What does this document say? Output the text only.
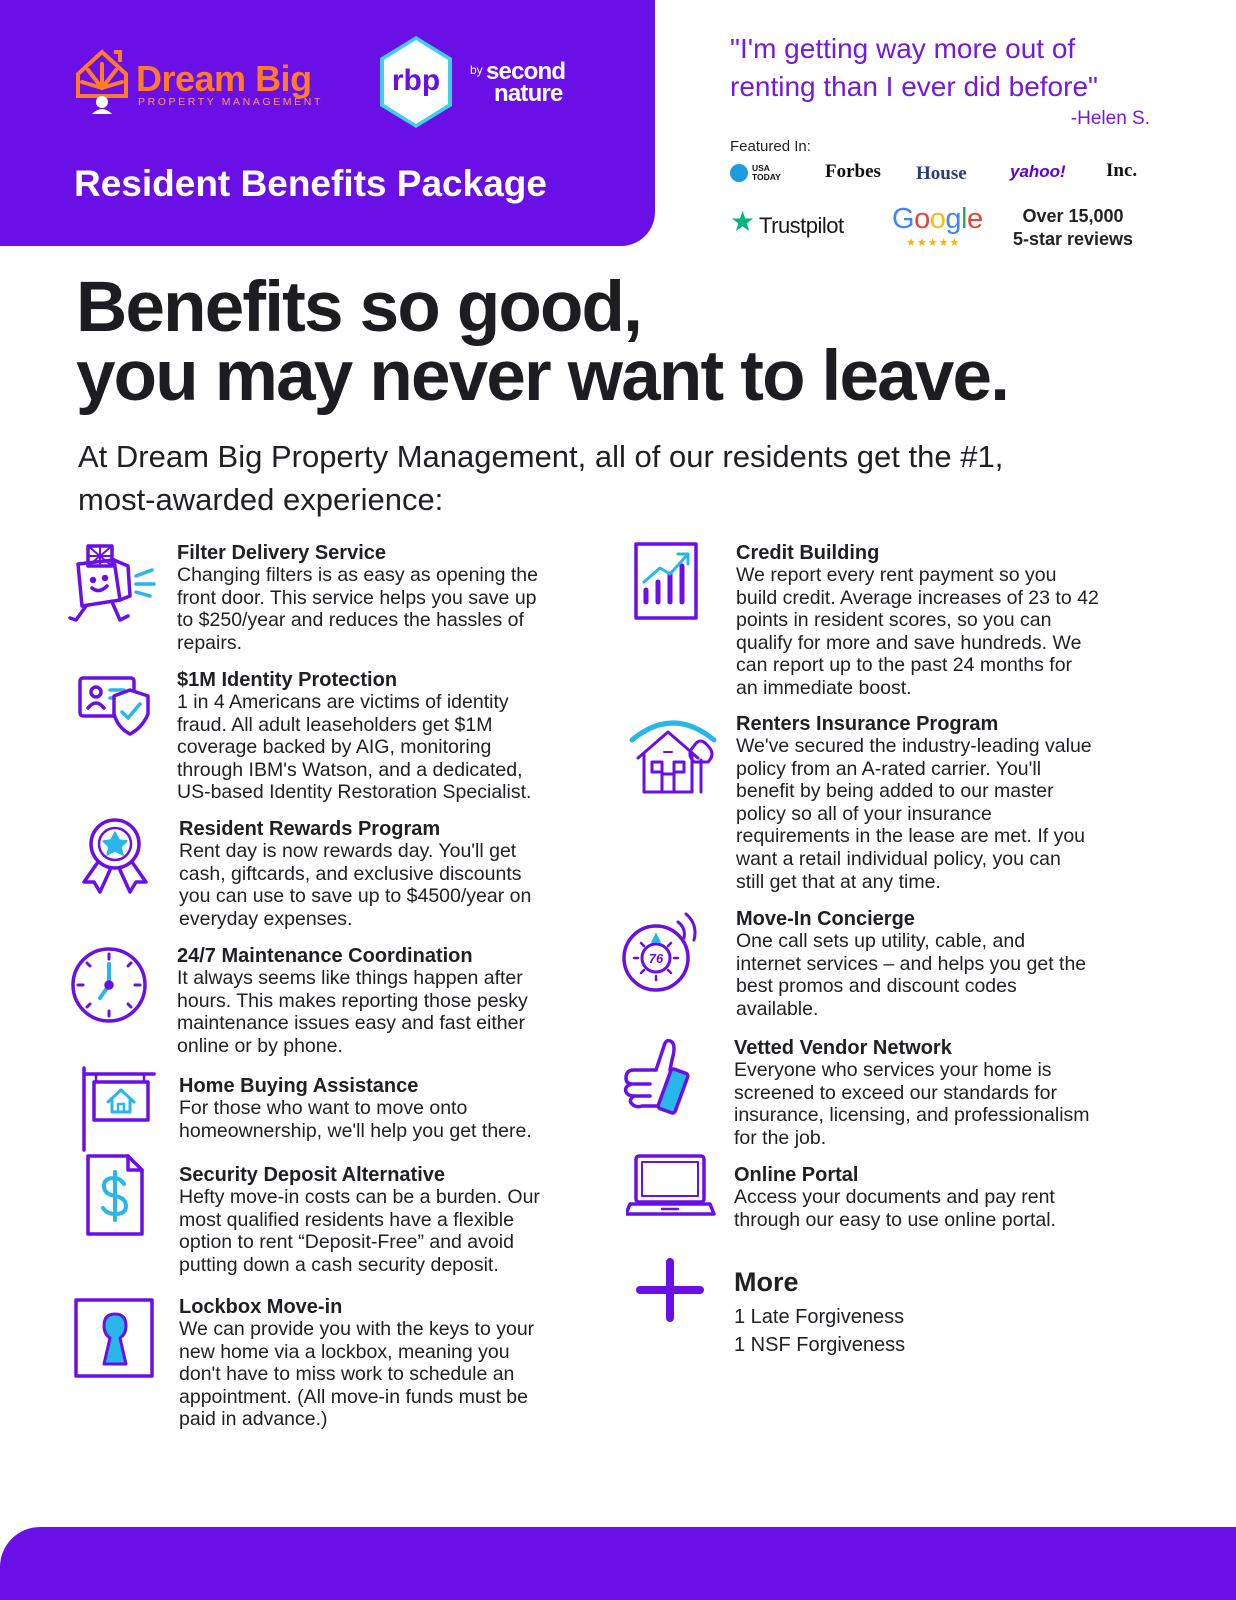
Dream Big
PROPERTY MANAGEMENT
rbp	by second
nature
Resident Benefits Package
"I'm getting way more out of
renting than I ever did before"
-Helen S.
Featured In:
USA
TODAY Forbes House	yahoo! Inc.
★ Trustpilot Google
★★★★★
Over 15,000
5-star reviews
Benefits so good,
you may never want to leave.
At Dream Big Property Management, all of our residents get the #1,
most-awarded experience:
76
Filter Delivery Service
Changing filters is as easy as opening the
front door. This service helps you save up
to $250/year and reduces the hassles of
repairs.
$1M Identity Protection
1 in 4 Americans are victims of identity
fraud. All adult leaseholders get $1M
coverage backed by AIG, monitoring
through IBM's Watson, and a dedicated,
US-based Identity Restoration Specialist.
Resident Rewards Program
Rent day is now rewards day. You'll get
cash, giftcards, and exclusive discounts
you can use to save up to $4500/year on
everyday expenses.
24/7 Maintenance Coordination
It always seems like things happen after
hours. This makes reporting those pesky
maintenance issues easy and fast either
online or by phone.
Home Buying Assistance
For those who want to move onto
homeownership, we'll help you get there.
Security Deposit Alternative
Hefty move-in costs can be a burden. Our
most qualified residents have a flexible
option to rent “Deposit-Free” and avoid
putting down a cash security deposit.
Lockbox Move-in
We can provide you with the keys to your
new home via a lockbox, meaning you
don't have to miss work to schedule an
appointment. (All move-in funds must be
paid in advance.)
Credit Building
We report every rent payment so you
build credit. Average increases of 23 to 42
points in resident scores, so you can
qualify for more and save hundreds. We
can report up to the past 24 months for
an immediate boost.
Renters Insurance Program
We've secured the industry-leading value
policy from an A-rated carrier. You'll
benefit by being added to our master
policy so all of your insurance
requirements in the lease are met. If you
want a retail individual policy, you can
still get that at any time.
Move-In Concierge
One call sets up utility, cable, and
internet services – and helps you get the
best promos and discount codes
available.
Vetted Vendor Network
Everyone who services your home is
screened to exceed our standards for
insurance, licensing, and professionalism
for the job.
Online Portal
Access your documents and pay rent
through our easy to use online portal.
More
1 Late Forgiveness
1 NSF Forgiveness
